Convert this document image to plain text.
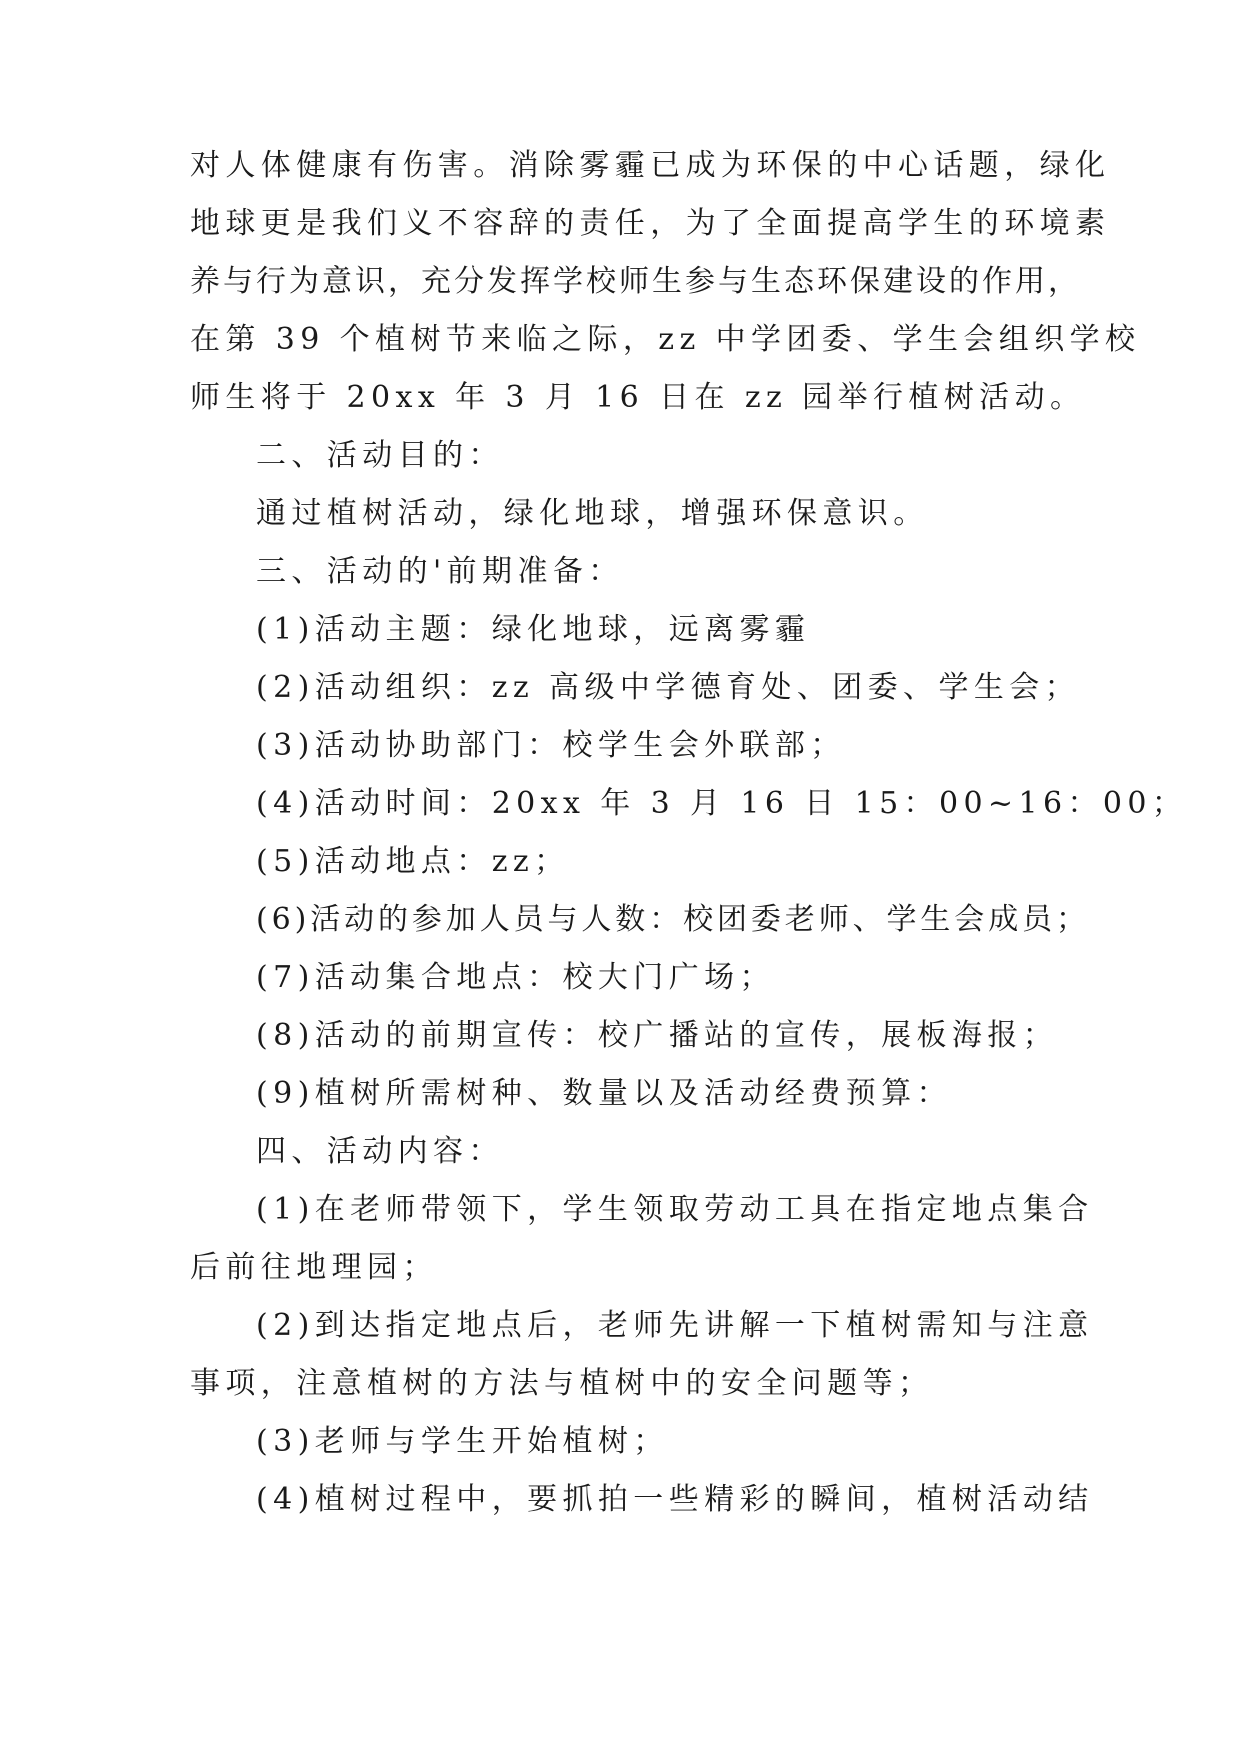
对人体健康有伤害。消除雾霾已成为环保的中心话题，绿化
地球更是我们义不容辞的责任，为了全面提高学生的环境素
养与行为意识，充分发挥学校师生参与生态环保建设的作用，
在第 39 个植树节来临之际，zz 中学团委、学生会组织学校
师生将于 20xx 年 3 月 16 日在 zz 园举行植树活动。
二、活动目的：
通过植树活动，绿化地球，增强环保意识。
三、活动的'前期准备：
(1)活动主题：绿化地球，远离雾霾
(2)活动组织：zz 高级中学德育处、团委、学生会；
(3)活动协助部门：校学生会外联部；
(4)活动时间：20xx 年 3 月 16 日 15：00~16：00；
(5)活动地点：zz；
(6)活动的参加人员与人数：校团委老师、学生会成员；
(7)活动集合地点：校大门广场；
(8)活动的前期宣传：校广播站的宣传，展板海报；
(9)植树所需树种、数量以及活动经费预算：
四、活动内容：
(1)在老师带领下，学生领取劳动工具在指定地点集合
后前往地理园；
(2)到达指定地点后，老师先讲解一下植树需知与注意
事项，注意植树的方法与植树中的安全问题等；
(3)老师与学生开始植树；
(4)植树过程中，要抓拍一些精彩的瞬间，植树活动结
